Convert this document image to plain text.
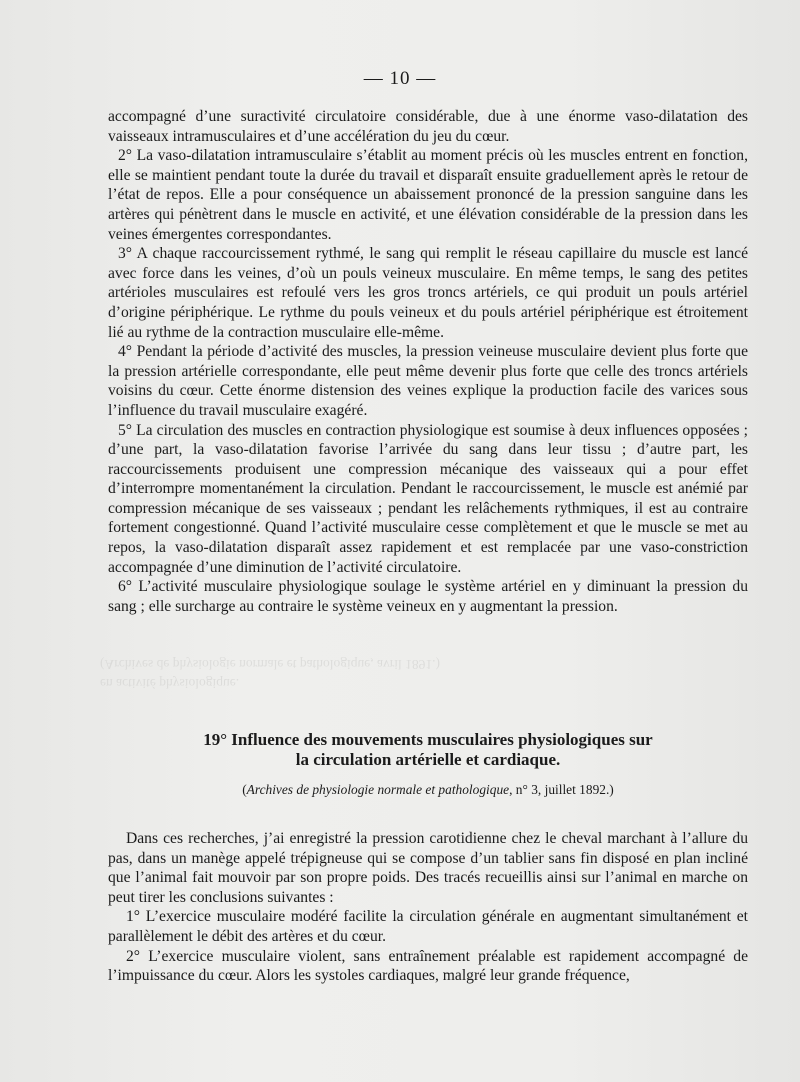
en activité physiologique.
(Archives de physiologie normale et pathologique, avril 1891.)
— 10 —

accompagné d’une suractivité circulatoire considérable, due à une énorme vaso-dilatation des vaisseaux intramusculaires et d’une accélération du jeu du cœur.

2° La vaso-dilatation intramusculaire s’établit au moment précis où les muscles entrent en fonction, elle se maintient pendant toute la durée du travail et disparaît ensuite graduellement après le retour de l’état de repos. Elle a pour conséquence un abaissement prononcé de la pression sanguine dans les artères qui pénètrent dans le muscle en activité, et une élévation considérable de la pression dans les veines émergentes correspondantes.

3° A chaque raccourcissement rythmé, le sang qui remplit le réseau capillaire du muscle est lancé avec force dans les veines, d’où un pouls veineux musculaire. En même temps, le sang des petites artérioles musculaires est refoulé vers les gros troncs artériels, ce qui produit un pouls artériel d’origine périphérique. Le rythme du pouls veineux et du pouls artériel périphérique est étroitement lié au rythme de la contraction musculaire elle-même.

4° Pendant la période d’activité des muscles, la pression veineuse musculaire devient plus forte que la pression artérielle correspondante, elle peut même devenir plus forte que celle des troncs artériels voisins du cœur. Cette énorme distension des veines explique la production facile des varices sous l’influence du travail musculaire exagéré.

5° La circulation des muscles en contraction physiologique est soumise à deux influences opposées ; d’une part, la vaso-dilatation favorise l’arrivée du sang dans leur tissu ; d’autre part, les raccourcissements produisent une compression mécanique des vaisseaux qui a pour effet d’interrompre momentanément la circulation. Pendant le raccourcissement, le muscle est anémié par compression mécanique de ses vaisseaux ; pendant les relâchements rythmiques, il est au contraire fortement congestionné. Quand l’activité musculaire cesse complètement et que le muscle se met au repos, la vaso-dilatation disparaît assez rapidement et est remplacée par une vaso-constriction accompagnée d’une diminution de l’activité circulatoire.

6° L’activité musculaire physiologique soulage le système artériel en y diminuant la pression du sang ; elle surcharge au contraire le système veineux en y augmentant la pression.

19° Influence des mouvements musculaires physiologiques sur
la circulation artérielle et cardiaque.
(Archives de physiologie normale et pathologique, n° 3, juillet 1892.)

Dans ces recherches, j’ai enregistré la pression carotidienne chez le cheval marchant à l’allure du pas, dans un manège appelé trépigneuse qui se compose d’un tablier sans fin disposé en plan incliné que l’animal fait mouvoir par son propre poids. Des tracés recueillis ainsi sur l’animal en marche on peut tirer les conclusions suivantes :

1° L’exercice musculaire modéré facilite la circulation générale en augmentant simultanément et parallèlement le débit des artères et du cœur.

2° L’exercice musculaire violent, sans entraînement préalable est rapidement accompagné de l’impuissance du cœur. Alors les systoles cardiaques, malgré leur grande fréquence,
